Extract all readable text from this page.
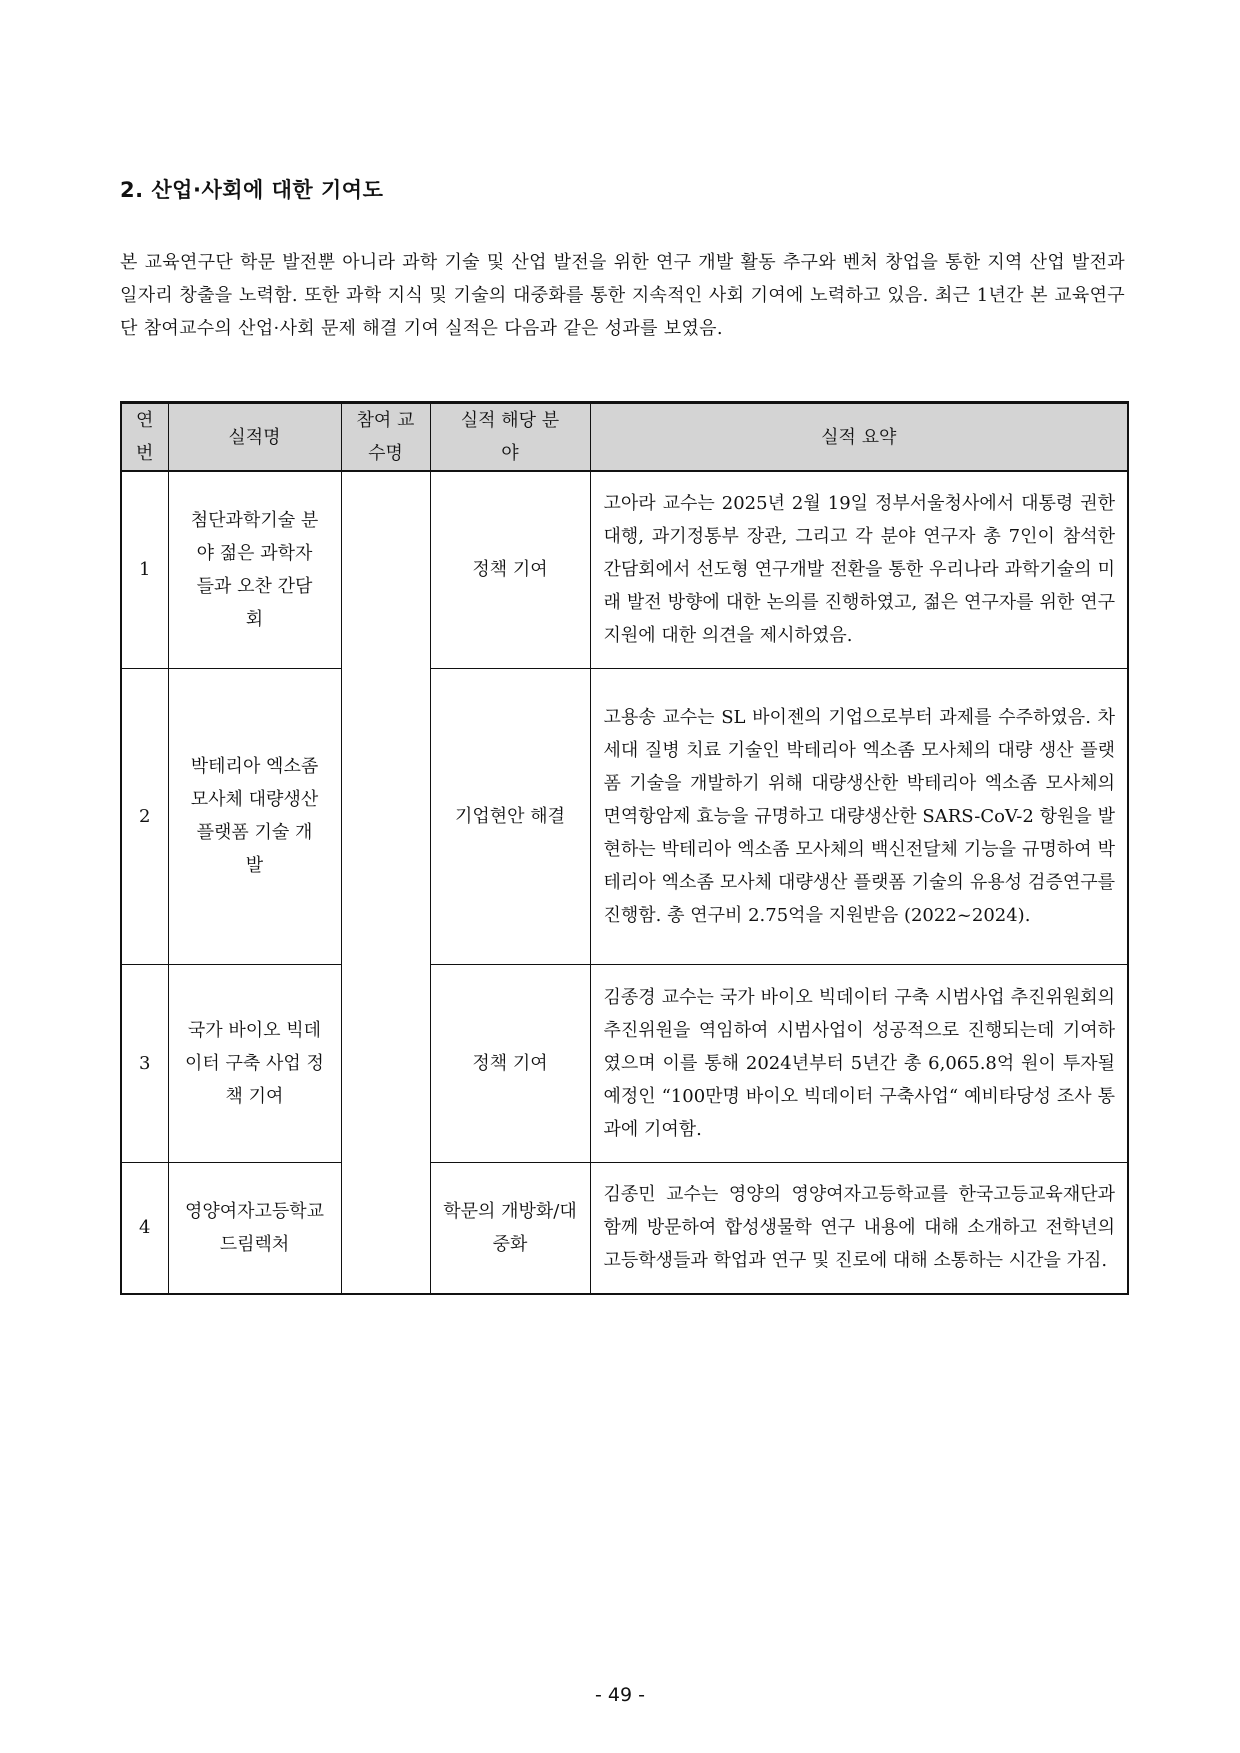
2. 산업·사회에 대한 기여도

본 교육연구단 학문 발전뿐 아니라 과학 기술 및 산업 발전을 위한 연구 개발 활동 추구와 벤처 창업을 통한 지역 산업 발전과 일자리 창출을 노력함. 또한 과학 지식 및 기술의 대중화를 통한 지속적인 사회 기여에 노력하고 있음. 최근 1년간 본 교육연구단 참여교수의 산업·사회 문제 해결 기여 실적은 다음과 같은 성과를 보였음.

연번	실적명	참여 교수명	실적 해당 분야	실적 요약
1	첨단과학기술 분야 젊은 과학자들과 오찬 간담회		정책 기여	고아라 교수는 2025년 2월 19일 정부서울청사에서 대통령 권한대행, 과기정통부 장관, 그리고 각 분야 연구자 총 7인이 참석한 간담회에서 선도형 연구개발 전환을 통한 우리나라 과학기술의 미래 발전 방향에 대한 논의를 진행하였고, 젊은 연구자를 위한 연구지원에 대한 의견을 제시하였음.
2	박테리아 엑소좀 모사체 대량생산 플랫폼 기술 개발		기업현안 해결	고용송 교수는 SL 바이젠의 기업으로부터 과제를 수주하였음. 차세대 질병 치료 기술인 박테리아 엑소좀 모사체의 대량 생산 플랫폼 기술을 개발하기 위해 대량생산한 박테리아 엑소좀 모사체의 면역항암제 효능을 규명하고 대량생산한 SARS-CoV-2 항원을 발현하는 박테리아 엑소좀 모사체의 백신전달체 기능을 규명하여 박테리아 엑소좀 모사체 대량생산 플랫폼 기술의 유용성 검증연구를 진행함. 총 연구비 2.75억을 지원받음 (2022~2024).
3	국가 바이오 빅데이터 구축 사업 정책 기여		정책 기여	김종경 교수는 국가 바이오 빅데이터 구축 시범사업 추진위원회의 추진위원을 역임하여 시범사업이 성공적으로 진행되는데 기여하였으며 이를 통해 2024년부터 5년간 총 6,065.8억 원이 투자될 예정인 “100만명 바이오 빅데이터 구축사업“ 예비타당성 조사 통과에 기여함.
4	영양여자고등학교 드림렉처		학문의 개방화/대중화	김종민 교수는 영양의 영양여자고등학교를 한국고등교육재단과 함께 방문하여 합성생물학 연구 내용에 대해 소개하고 전학년의 고등학생들과 학업과 연구 및 진로에 대해 소통하는 시간을 가짐.
- 49 -
